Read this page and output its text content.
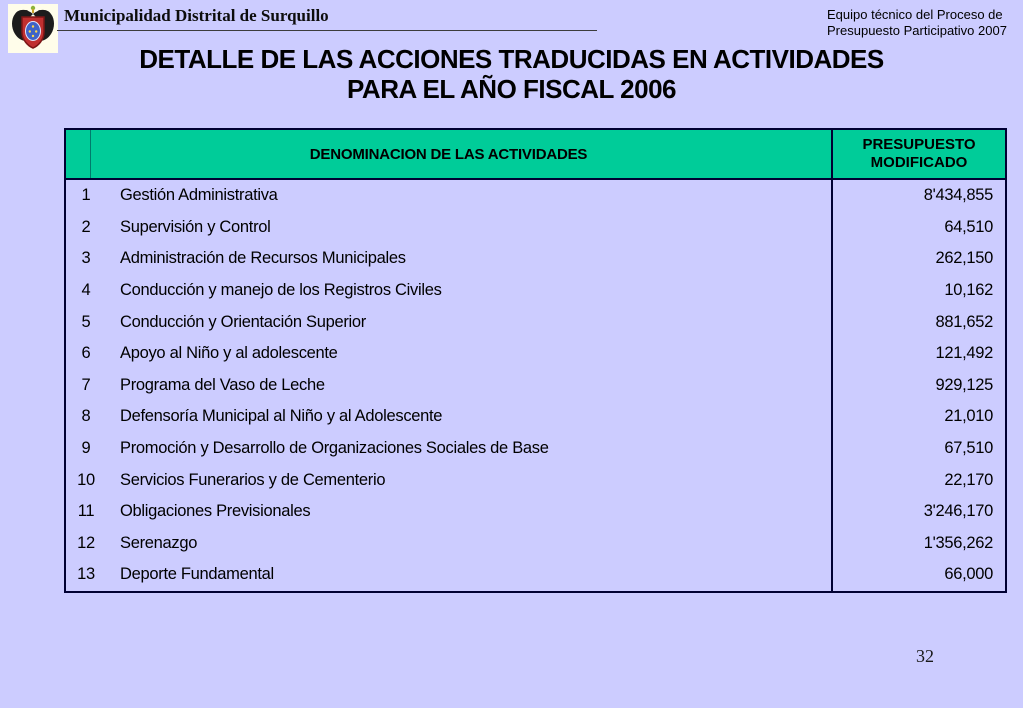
Municipalidad Distrital de Surquillo	Equipo técnico del Proceso de
Presupuesto Participativo 2007
DETALLE DE LAS ACCIONES TRADUCIDAS EN ACTIVIDADES
PARA EL AÑO FISCAL 2006
DENOMINACION DE LAS ACTIVIDADES
PRESUPUESTO
MODIFICADO
1	Gestión Administrativa	8'434,855
2	Supervisión y Control	64,510
3	Administración de Recursos Municipales	262,150
4	Conducción y manejo de los Registros Civiles	10,162
5	Conducción y Orientación Superior	881,652
6	Apoyo al Niño y al adolescente	121,492
7	Programa del Vaso de Leche	929,125
8	Defensoría Municipal al Niño y al Adolescente	21,010
9	Promoción y Desarrollo de Organizaciones Sociales de Base	67,510
10	Servicios Funerarios y de Cementerio	22,170
11	Obligaciones Previsionales	3'246,170
12	Serenazgo	1'356,262
13	Deporte Fundamental	66,000
32
